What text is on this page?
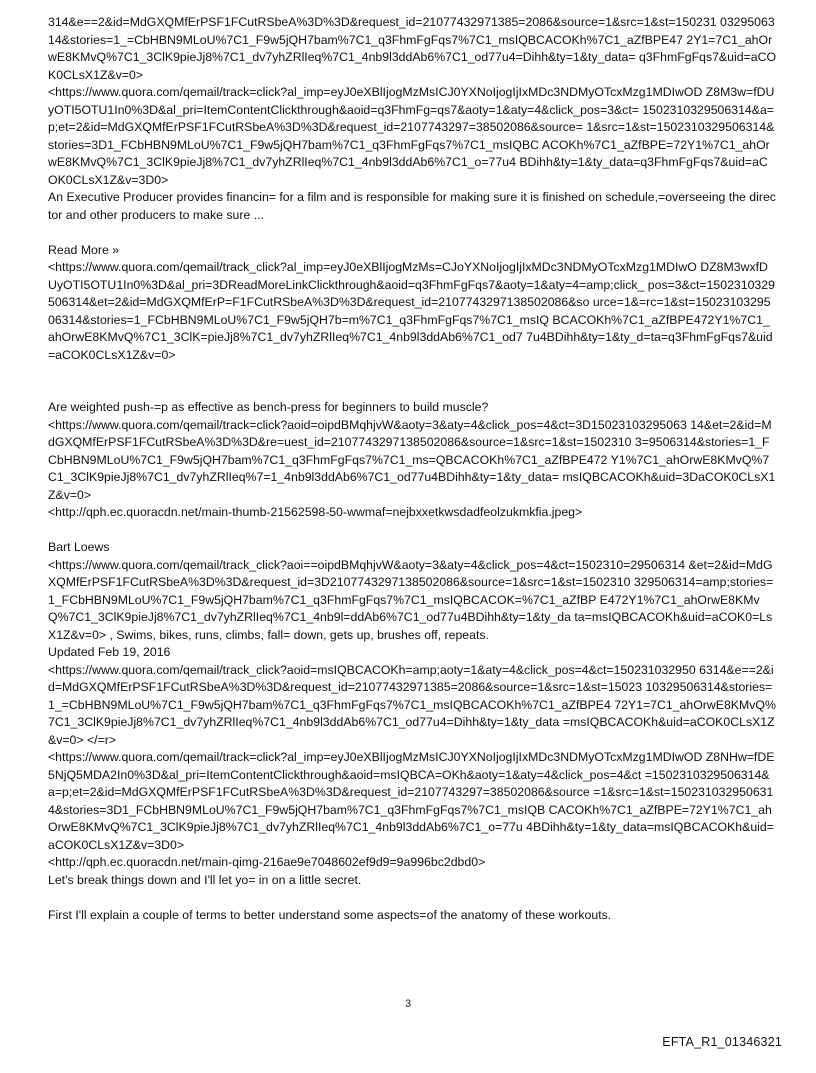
314&e==2&id=MdGXQMfErPSF1FCutRSbeA%3D%3D&request_id=21077432971385=2086&source=1&src=1&st=150231 0329506314&stories=1_=CbHBN9MLoU%7C1_F9w5jQH7bam%7C1_q3FhmFgFqs7%7C1_msIQBCACOKh%7C1_aZfBPE47 2Y1=7C1_ahOrwE8KMvQ%7C1_3ClK9pieJj8%7C1_dv7yhZRlIeq%7C1_4nb9l3ddAb6%7C1_od77u4=Dihh&ty=1&ty_data= q3FhmFgFqs7&uid=aCOK0CLsX1Z&v=0>

<https://www.quora.com/qemail/track=click?al_imp=eyJ0eXBlIjogMzMsICJ0YXNoIjogIjIxMDc3NDMyOTcxMzg1MDIwOD Z8M3w=fDUyOTI5OTU1In0%3D&al_pri=ItemContentClickthrough&aoid=q3FhmFg=qs7&aoty=1&aty=4&click_pos=3&ct= 1502310329506314&a=p;et=2&id=MdGXQMfErPSF1FCutRSbeA%3D%3D&request_id=2107743297=38502086&source= 1&src=1&st=1502310329506314&stories=3D1_FCbHBN9MLoU%7C1_F9w5jQH7bam%7C1_q3FhmFgFqs7%7C1_msIQBC ACOKh%7C1_aZfBPE=72Y1%7C1_ahOrwE8KMvQ%7C1_3ClK9pieJj8%7C1_dv7yhZRlIeq%7C1_4nb9l3ddAb6%7C1_o=77u4 BDihh&ty=1&ty_data=q3FhmFgFqs7&uid=aCOK0CLsX1Z&v=3D0>

An Executive Producer provides financin= for a film and is responsible for making sure it is finished on schedule,=overseeing the director and other producers to make sure ...

Read More »

<https://www.quora.com/qemail/track_click?al_imp=eyJ0eXBlIjogMzMs=CJoYXNoIjogIjIxMDc3NDMyOTcxMzg1MDIwO DZ8M3wxfDUyOTI5OTU1In0%3D&al_pri=3DReadMoreLinkClickthrough&aoid=q3FhmFgFqs7&aoty=1&aty=4=amp;click_ pos=3&ct=1502310329506314&et=2&id=MdGXQMfErP=F1FCutRSbeA%3D%3D&request_id=2107743297138502086&so urce=1&=rc=1&st=1502310329506314&stories=1_FCbHBN9MLoU%7C1_F9w5jQH7b=m%7C1_q3FhmFgFqs7%7C1_msIQ BCACOKh%7C1_aZfBPE472Y1%7C1_ahOrwE8KMvQ%7C1_3ClK=pieJj8%7C1_dv7yhZRlIeq%7C1_4nb9l3ddAb6%7C1_od7 7u4BDihh&ty=1&ty_d=ta=q3FhmFgFqs7&uid=aCOK0CLsX1Z&v=0>

Are weighted push-=p as effective as bench-press for beginners to build muscle?

<https://www.quora.com/qemail/track=click?aoid=oipdBMqhjvW&aoty=3&aty=4&click_pos=4&ct=3D15023103295063 14&et=2&id=MdGXQMfErPSF1FCutRSbeA%3D%3D&re=uest_id=2107743297138502086&source=1&src=1&st=1502310 3=9506314&stories=1_FCbHBN9MLoU%7C1_F9w5jQH7bam%7C1_q3FhmFgFqs7%7C1_ms=QBCACOKh%7C1_aZfBPE472 Y1%7C1_ahOrwE8KMvQ%7C1_3ClK9pieJj8%7C1_dv7yhZRlIeq%7=1_4nb9l3ddAb6%7C1_od77u4BDihh&ty=1&ty_data= msIQBCACOKh&uid=3DaCOK0CLsX1Z&v=0>

<http://qph.ec.quoracdn.net/main-thumb-21562598-50-wwmaf=nejbxxetkwsdadfeolzukmkfia.jpeg>

Bart Loews

<https://www.quora.com/qemail/track_click?aoi==oipdBMqhjvW&aoty=3&aty=4&click_pos=4&ct=1502310=29506314 &et=2&id=MdGXQMfErPSF1FCutRSbeA%3D%3D&request_id=3D2107743297138502086&source=1&src=1&st=1502310 329506314=amp;stories=1_FCbHBN9MLoU%7C1_F9w5jQH7bam%7C1_q3FhmFgFqs7%7C1_msIQBCACOK=%7C1_aZfBP E472Y1%7C1_ahOrwE8KMvQ%7C1_3ClK9pieJj8%7C1_dv7yhZRlIeq%7C1_4nb9l=ddAb6%7C1_od77u4BDihh&ty=1&ty_da ta=msIQBCACOKh&uid=aCOK0=LsX1Z&v=0> , Swims, bikes, runs, climbs, fall= down, gets up, brushes off, repeats.

Updated Feb 19, 2016

<https://www.quora.com/qemail/track_click?aoid=msIQBCACOKh=amp;aoty=1&aty=4&click_pos=4&ct=150231032950 6314&e==2&id=MdGXQMfErPSF1FCutRSbeA%3D%3D&request_id=21077432971385=2086&source=1&src=1&st=15023 10329506314&stories=1_=CbHBN9MLoU%7C1_F9w5jQH7bam%7C1_q3FhmFgFqs7%7C1_msIQBCACOKh%7C1_aZfBPE4 72Y1=7C1_ahOrwE8KMvQ%7C1_3ClK9pieJj8%7C1_dv7yhZRlIeq%7C1_4nb9l3ddAb6%7C1_od77u4=Dihh&ty=1&ty_data =msIQBCACOKh&uid=aCOK0CLsX1Z&v=0> </=r>

<https://www.quora.com/qemail/track=click?al_imp=eyJ0eXBlIjogMzMsICJ0YXNoIjogIjIxMDc3NDMyOTcxMzg1MDIwOD Z8NHw=fDE5NjQ5MDA2In0%3D&al_pri=ItemContentClickthrough&aoid=msIQBCA=OKh&aoty=1&aty=4&click_pos=4&ct =1502310329506314&a=p;et=2&id=MdGXQMfErPSF1FCutRSbeA%3D%3D&request_id=2107743297=38502086&source =1&src=1&st=1502310329506314&stories=3D1_FCbHBN9MLoU%7C1_F9w5jQH7bam%7C1_q3FhmFgFqs7%7C1_msIQB CACOKh%7C1_aZfBPE=72Y1%7C1_ahOrwE8KMvQ%7C1_3ClK9pieJj8%7C1_dv7yhZRlIeq%7C1_4nb9l3ddAb6%7C1_o=77u 4BDihh&ty=1&ty_data=msIQBCACOKh&uid=aCOK0CLsX1Z&v=3D0>

<http://qph.ec.quoracdn.net/main-qimg-216ae9e7048602ef9d9=9a996bc2dbd0>

Let's break things down and I'll let yo= in on a little secret.

First I'll explain a couple of terms to better understand some aspects=of the anatomy of these workouts.

3
EFTA_R1_01346321
